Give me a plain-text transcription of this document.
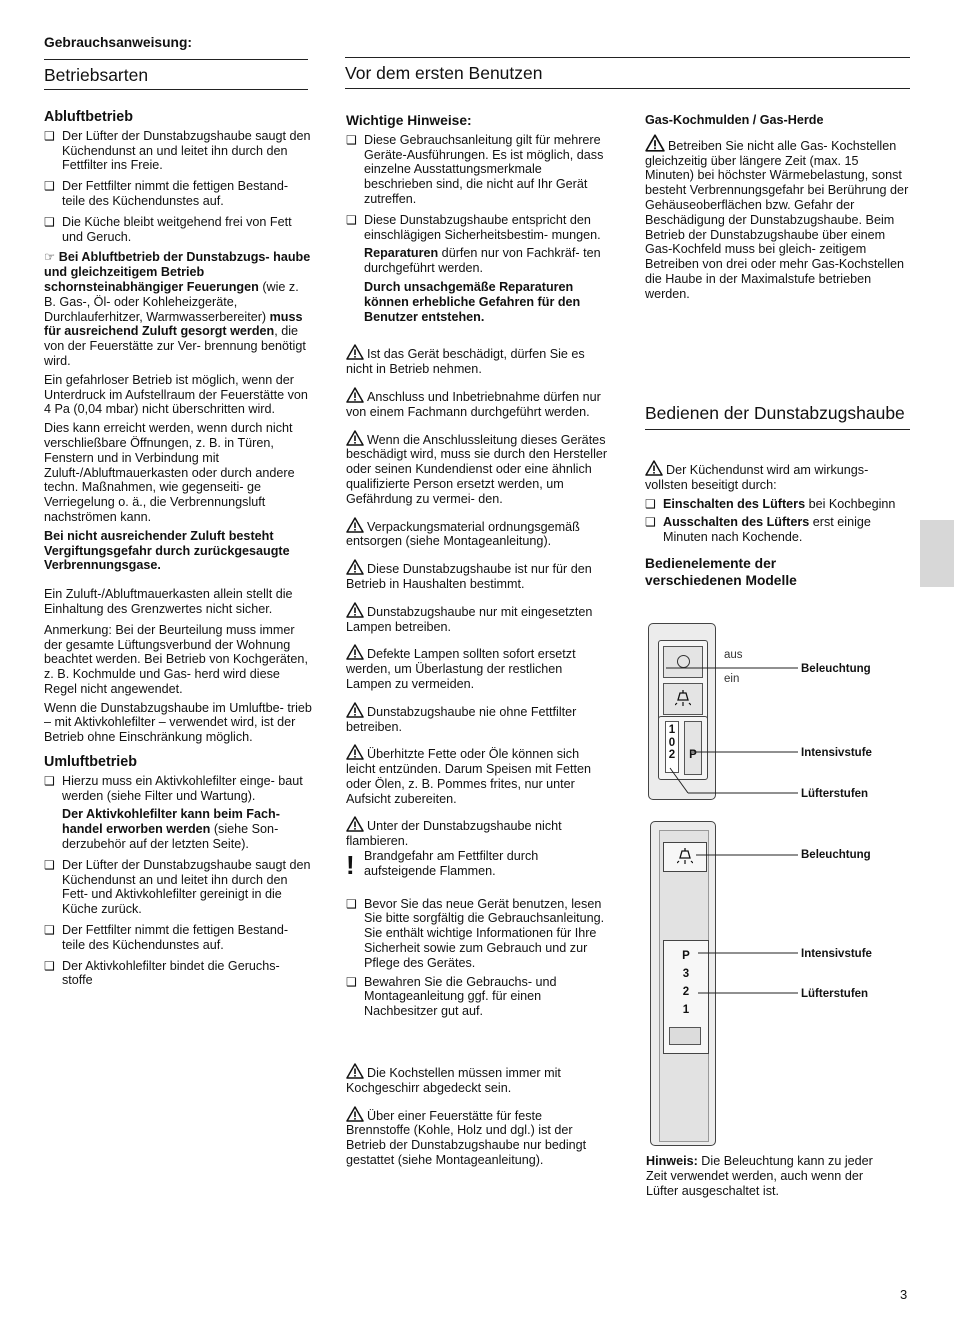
Gebrauchsanweisung:
Betriebsarten	Vor dem ersten Benutzen
Abluftbetrieb

❑ Der Lüfter der Dunstabzugshaube saugt den Küchendunst an und leitet ihn durch den Fettfilter ins Freie.

❑ Der Fettfilter nimmt die fettigen Bestand- teile des Küchendunstes auf.

❑ Die Küche bleibt weitgehend frei von Fett und Geruch.

☞ Bei Abluftbetrieb der Dunstabzugs- haube und gleichzeitigem Betrieb schornsteinabhängiger Feuerungen (wie z. B. Gas-, Öl- oder Kohleheizgeräte, Durchlauferhitzer, Warmwasserbereiter) muss für ausreichend Zuluft gesorgt werden, die von der Feuerstätte zur Ver- brennung benötigt wird.

Ein gefahrloser Betrieb ist möglich, wenn der Unterdruck im Aufstellraum der Feuerstätte von 4 Pa (0,04 mbar) nicht überschritten wird.

Dies kann erreicht werden, wenn durch nicht verschließbare Öffnungen, z. B. in Türen, Fenstern und in Verbindung mit Zuluft-/Abluftmauerkasten oder durch andere techn. Maßnahmen, wie gegenseiti- ge Verriegelung o. ä., die Verbrennungsluft nachströmen kann.

Bei nicht ausreichender Zuluft besteht Vergiftungsgefahr durch zurückgesaugte Verbrennungsgase.

Ein Zuluft-/Abluftmauerkasten allein stellt die Einhaltung des Grenzwertes nicht sicher.

Anmerkung: Bei der Beurteilung muss immer der gesamte Lüftungsverbund der Wohnung beachtet werden. Bei Betrieb von Kochgeräten, z. B. Kochmulde und Gas- herd wird diese Regel nicht angewendet.

Wenn die Dunstabzugshaube im Umluftbe- trieb – mit Aktivkohlefilter – verwendet wird, ist der Betrieb ohne Einschränkung möglich.

Umluftbetrieb

❑ Hierzu muss ein Aktivkohlefilter einge- baut werden (siehe Filter und Wartung).

Der Aktivkohlefilter kann beim Fach- handel erworben werden (siehe Son- derzubehör auf der letzten Seite).

❑ Der Lüfter der Dunstabzugshaube saugt den Küchendunst an und leitet ihn durch den Fett- und Aktivkohlefilter gereinigt in die Küche zurück.

❑ Der Fettfilter nimmt die fettigen Bestand- teile des Küchendunstes auf.

❑ Der Aktivkohlefilter bindet die Geruchs- stoffe

Wichtige Hinweise:

❑ Diese Gebrauchsanleitung gilt für mehrere Geräte-Ausführungen. Es ist möglich, dass einzelne Ausstattungsmerkmale beschrieben sind, die nicht auf Ihr Gerät zutreffen.

❑ Diese Dunstabzugshaube entspricht den einschlägigen Sicherheitsbestim- mungen.

Reparaturen dürfen nur von Fachkräf- ten durchgeführt werden.

Durch unsachgemäße Reparaturen können erhebliche Gefahren für den Benutzer entstehen.

Ist das Gerät beschädigt, dürfen Sie es nicht in Betrieb nehmen.

Anschluss und Inbetriebnahme dürfen nur von einem Fachmann durchgeführt werden.

Wenn die Anschlussleitung dieses Gerätes beschädigt wird, muss sie durch den Hersteller oder seinen Kundendienst oder eine ähnlich qualifizierte Person ersetzt werden, um Gefährdung zu vermei- den.

Verpackungsmaterial ordnungsgemäß entsorgen (siehe Montageanleitung).

Diese Dunstabzugshaube ist nur für den Betrieb in Haushalten bestimmt.

Dunstabzugshaube nur mit eingesetzten Lampen betreiben.

Defekte Lampen sollten sofort ersetzt werden, um Überlastung der restlichen Lampen zu vermeiden.

Dunstabzugshaube nie ohne Fettfilter betreiben.

Überhitzte Fette oder Öle können sich leicht entzünden. Darum Speisen mit Fetten oder Ölen, z. B. Pommes frites, nur unter Aufsicht zubereiten.

Unter der Dunstabzugshaube nicht flambieren.

! Brandgefahr am Fettfilter durch aufsteigende Flammen.

❑ Bevor Sie das neue Gerät benutzen, lesen Sie bitte sorgfältig die Gebrauchsanleitung. Sie enthält wichtige Informationen für Ihre Sicherheit sowie zum Gebrauch und zur Pflege des Gerätes.

❑ Bewahren Sie die Gebrauchs- und Montageanleitung ggf. für einen Nachbesitzer gut auf.

Die Kochstellen müssen immer mit Kochgeschirr abgedeckt sein.

Über einer Feuerstätte für feste Brennstoffe (Kohle, Holz und dgl.) ist der Betrieb der Dunstabzugshaube nur bedingt gestattet (siehe Montageanleitung).

Gas-Kochmulden / Gas-Herde

Betreiben Sie nicht alle Gas- Kochstellen gleichzeitig über längere Zeit (max. 15 Minuten) bei höchster Wärmebelastung, sonst besteht Verbrennungsgefahr bei Berührung der Gehäuseoberflächen bzw. Gefahr der Beschädigung der Dunstabzugshaube. Beim Betrieb der Dunstabzugshaube über einem Gas-Kochfeld muss bei gleich- zeitigem Betreiben von drei oder mehr Gas-Kochstellen die Haube in der Maximalstufe betrieben werden.

Bedienen der Dunstabzugshaube

Der Küchendunst wird am wirkungs- vollsten beseitigt durch:

❑ Einschalten des Lüfters bei Kochbeginn

❑ Ausschalten des Lüfters erst einige Minuten nach Kochende.

Bedienelemente der verschiedenen Modelle
1
0
2	P
aus
ein
Beleuchtung
Intensivstufe
Lüfterstufen
P
3
2
1
Beleuchtung
Intensivstufe
Lüfterstufen
Hinweis: Die Beleuchtung kann zu jeder Zeit verwendet werden, auch wenn der Lüfter ausgeschaltet ist.
3
